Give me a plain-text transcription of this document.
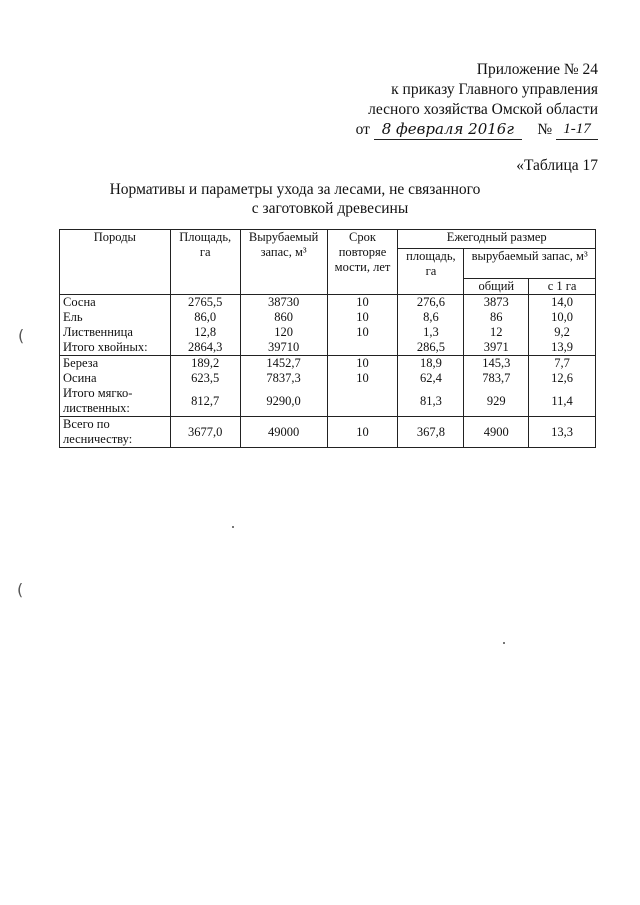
Приложение № 24
к приказу Главного управления
лесного хозяйства Омской области
от 8 февраля 2016г № 1-17
«Таблица 17
Нормативы и параметры ухода за лесами, не связанного
с заготовкой древесины
Породы	Площадь, га	Вырубаемый запас, м³	Срок повторяе мости, лет	Ежегодный размер		
				площадь, га	вырубаемый запас, м³	
					общий	с 1 га
Сосна	2765,5	38730	10	276,6	3873	14,0
Ель	86,0	860	10	8,6	86	10,0
Лиственница	12,8	120	10	1,3	12	9,2
Итого хвойных:	2864,3	39710		286,5	3971	13,9
Береза	189,2	1452,7	10	18,9	145,3	7,7
Осина	623,5	7837,3	10	62,4	783,7	12,6

Итого мягко-
лиственных:	812,7	9290,0		81,3	929	11,4

Всего по
лесничеству:	3677,0	49000	10	367,8	4900	13,3
(
(
